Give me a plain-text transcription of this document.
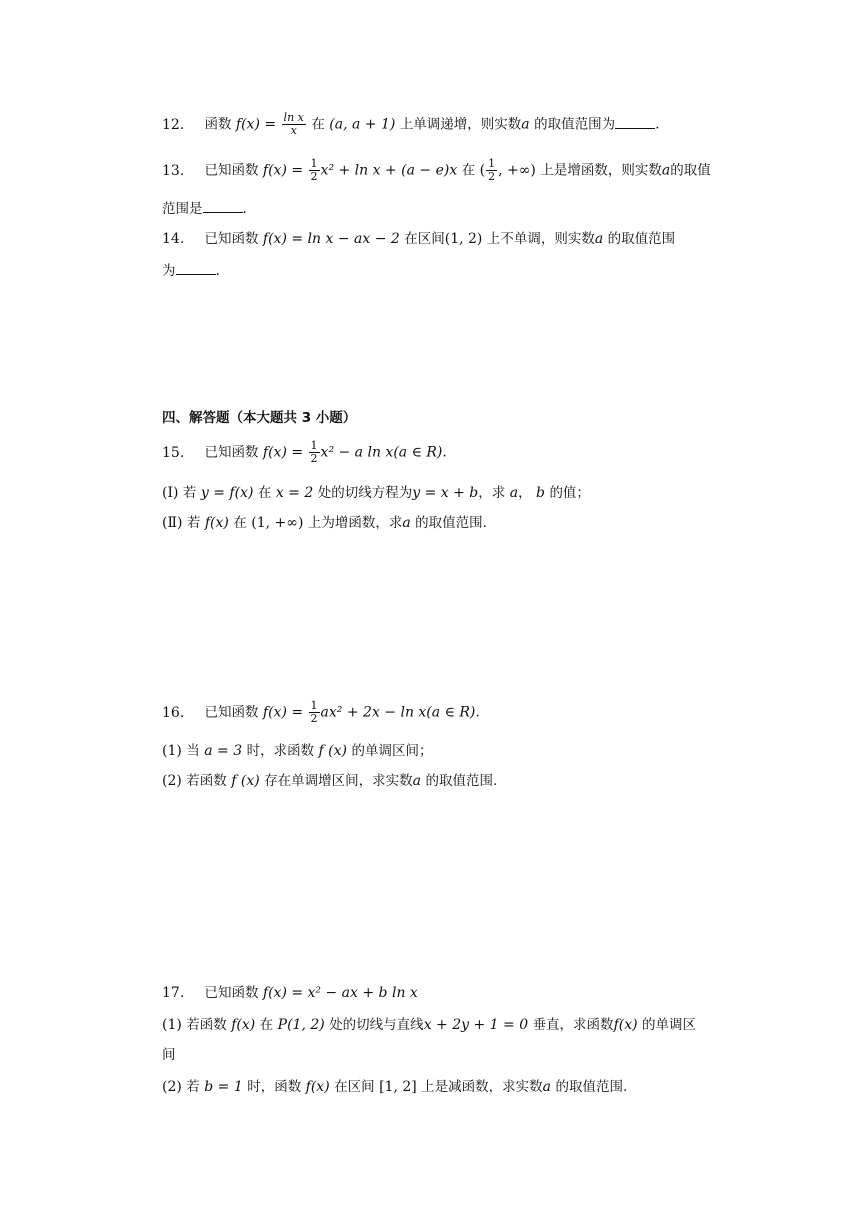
12. 函数 $f(x) = \frac{\text{ln x}}{x}$ 在 (a, a + 1) 上单调递增，则实数a 的取值范围为	.
13. 已知函数 $f(x) = \frac{1}{2} x^2 + \ln x + (a - e)x$ 在 ( $\frac{1}{2}$ , +∞) 上是增函数，则实数a的取值
范围是	.
14. 已知函数 f(x) = ln x − ax − 2 在区间(1, 2) 上不单调，则实数a 的取值范围
为	.
四、解答题（本大题共 3 小题）
15. 已知函数 $f(x) = \frac{1}{2} x^2 - a$ ln x(a ∈ R).
(Ⅰ) 若 y = f(x) 在 x = 2 处的切线方程为y = x + b，求 a， b 的值；
(Ⅱ) 若 f(x) 在 (1, +∞) 上为增函数，求a 的取值范围.
16. 已知函数 $f(x) = \frac{1}{2} ax^2 + 2x - \ln x(a$ ∈ R).
(1) 当 a = 3 时，求函数 f (x) 的单调区间；
(2) 若函数 f (x) 存在单调增区间，求实数a 的取值范围.
17. 已知函数 f(x) = x² − ax + b ln x
(1) 若函数 f(x) 在 P(1, 2) 处的切线与直线x + 2y + 1 = 0 垂直，求函数f(x) 的单调区
间
(2) 若 b = 1 时，函数 f(x) 在区间 [1, 2] 上是减函数，求实数a 的取值范围.
